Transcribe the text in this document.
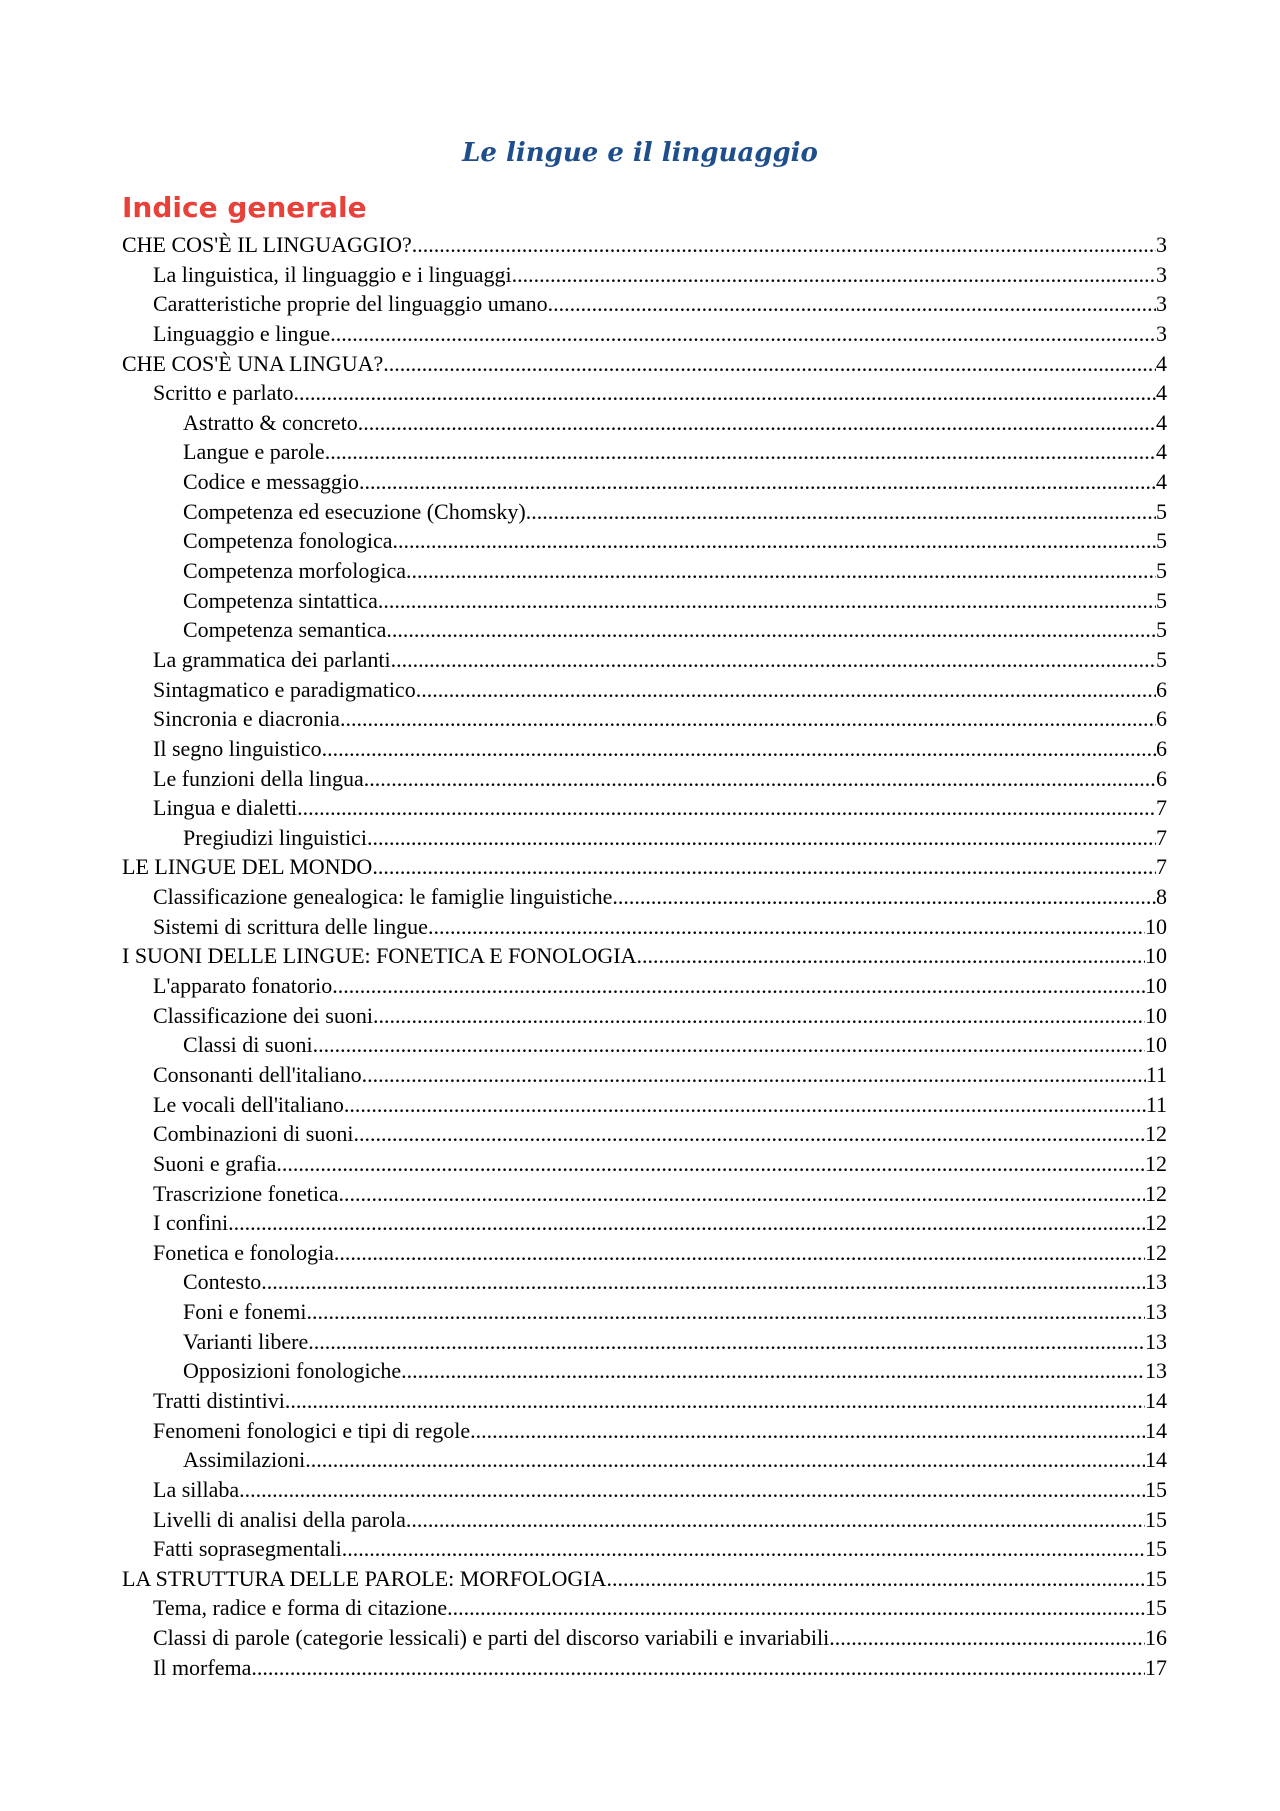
Le lingue e il linguaggio
Indice generale
CHE COS'È IL LINGUAGGIO? .....	3
La linguistica, il linguaggio e i linguaggi .....	3
Caratteristiche proprie del linguaggio umano .....	3
Linguaggio e lingue .....	3
CHE COS'È UNA LINGUA? .....	4
Scritto e parlato .....	4
Astratto & concreto .....	4
Langue e parole .....	4
Codice e messaggio .....	4
Competenza ed esecuzione (Chomsky) .....	5
Competenza fonologica .....	5
Competenza morfologica .....	5
Competenza sintattica .....	5
Competenza semantica .....	5
La grammatica dei parlanti .....	5
Sintagmatico e paradigmatico .....	6
Sincronia e diacronia .....	6
Il segno linguistico .....	6
Le funzioni della lingua .....	6
Lingua e dialetti .....	7
Pregiudizi linguistici .....	7
LE LINGUE DEL MONDO .....	7
Classificazione genealogica: le famiglie linguistiche .....	8
Sistemi di scrittura delle lingue .....	10
I SUONI DELLE LINGUE: FONETICA E FONOLOGIA .....	10
L'apparato fonatorio .....	10
Classificazione dei suoni .....	10
Classi di suoni .....	10
Consonanti dell'italiano .....	11
Le vocali dell'italiano .....	11
Combinazioni di suoni .....	12
Suoni e grafia .....	12
Trascrizione fonetica .....	12
I confini .....	12
Fonetica e fonologia .....	12
Contesto .....	13
Foni e fonemi .....	13
Varianti libere .....	13
Opposizioni fonologiche .....	13
Tratti distintivi .....	14
Fenomeni fonologici e tipi di regole .....	14
Assimilazioni .....	14
La sillaba .....	15
Livelli di analisi della parola .....	15
Fatti soprasegmentali .....	15
LA STRUTTURA DELLE PAROLE: MORFOLOGIA .....	15
Tema, radice e forma di citazione .....	15
Classi di parole (categorie lessicali) e parti del discorso variabili e invariabili .....	16
Il morfema .....	17
